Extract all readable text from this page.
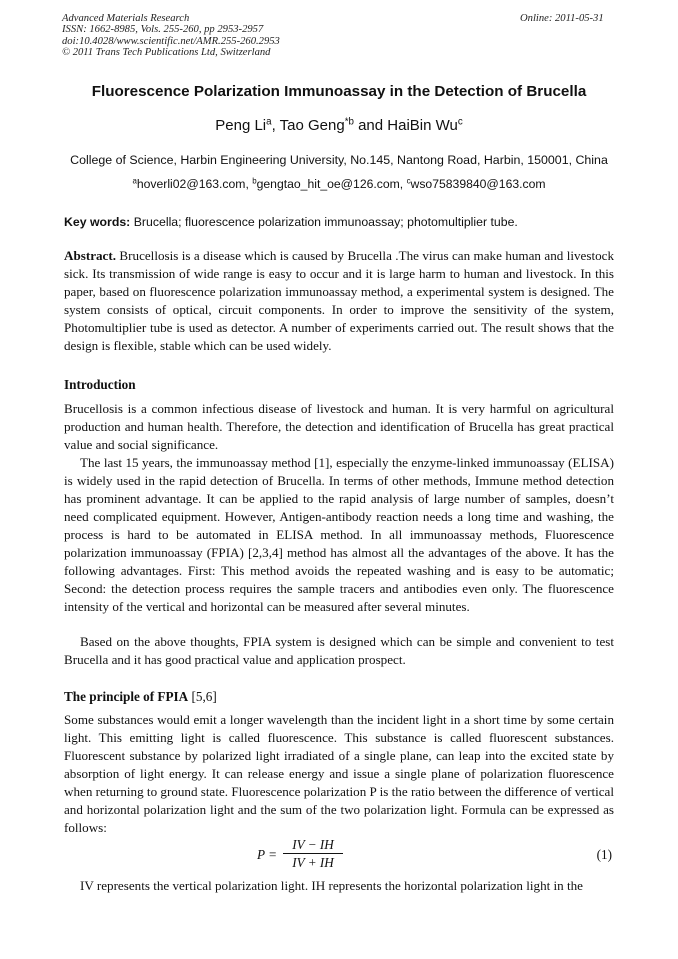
Advanced Materials Research
ISSN: 1662-8985, Vols. 255-260, pp 2953-2957
doi:10.4028/www.scientific.net/AMR.255-260.2953
© 2011 Trans Tech Publications Ltd, Switzerland
Online: 2011-05-31
Fluorescence Polarization Immunoassay in the Detection of Brucella
Peng Li$^a$, Tao Geng$^{*b}$ and HaiBin Wu$^c$
College of Science, Harbin Engineering University, No.145, Nantong Road, Harbin, 150001, China
$^a$hoverli02@163.com, $^b$gengtao_hit_oe@126.com, $^c$wso75839840@163.com
Key words: Brucella; fluorescence polarization immunoassay; photomultiplier tube.

Abstract. Brucellosis is a disease which is caused by Brucella .The virus can make human and livestock sick. Its transmission of wide range is easy to occur and it is large harm to human and livestock. In this paper, based on fluorescence polarization immunoassay method, a experimental system is designed. The system consists of optical, circuit components. In order to improve the sensitivity of the system, Photomultiplier tube is used as detector. A number of experiments carried out. The result shows that the design is flexible, stable which can be used widely.

Introduction

Brucellosis is a common infectious disease of livestock and human. It is very harmful on agricultural production and human health. Therefore, the detection and identification of Brucella has great practical value and social significance.

The last 15 years, the immunoassay method [1], especially the enzyme-linked immunoassay (ELISA) is widely used in the rapid detection of Brucella. In terms of other methods, Immune method detection has prominent advantage. It can be applied to the rapid analysis of large number of samples, doesn’t need complicated equipment. However, Antigen-antibody reaction needs a long time and washing, the process is hard to be automated in ELISA method. In all immunoassay methods, Fluorescence polarization immunoassay (FPIA) [2,3,4] method has almost all the advantages of the above. It has the following advantages. First: This method avoids the repeated washing and is easy to be automatic; Second: the detection process requires the sample tracers and antibodies even only. The fluorescence intensity of the vertical and horizontal can be measured after several minutes.

Based on the above thoughts, FPIA system is designed which can be simple and convenient to test Brucella and it has good practical value and application prospect.

The principle of FPIA [5,6]

Some substances would emit a longer wavelength than the incident light in a short time by some certain light. This emitting light is called fluorescence. This substance is called fluorescent substances. Fluorescent substance by polarized light irradiated of a single plane, can leap into the excited state by absorption of light energy. It can release energy and issue a single plane of polarization fluorescence when returning to ground state. Fluorescence polarization P is the ratio between the difference of vertical and horizontal polarization light and the sum of the two polarization light. Formula can be expressed as follows:

$P = \frac{IV - IH}{IV + IH}$	(1)

IV represents the vertical polarization light. IH represents the horizontal polarization light in the
